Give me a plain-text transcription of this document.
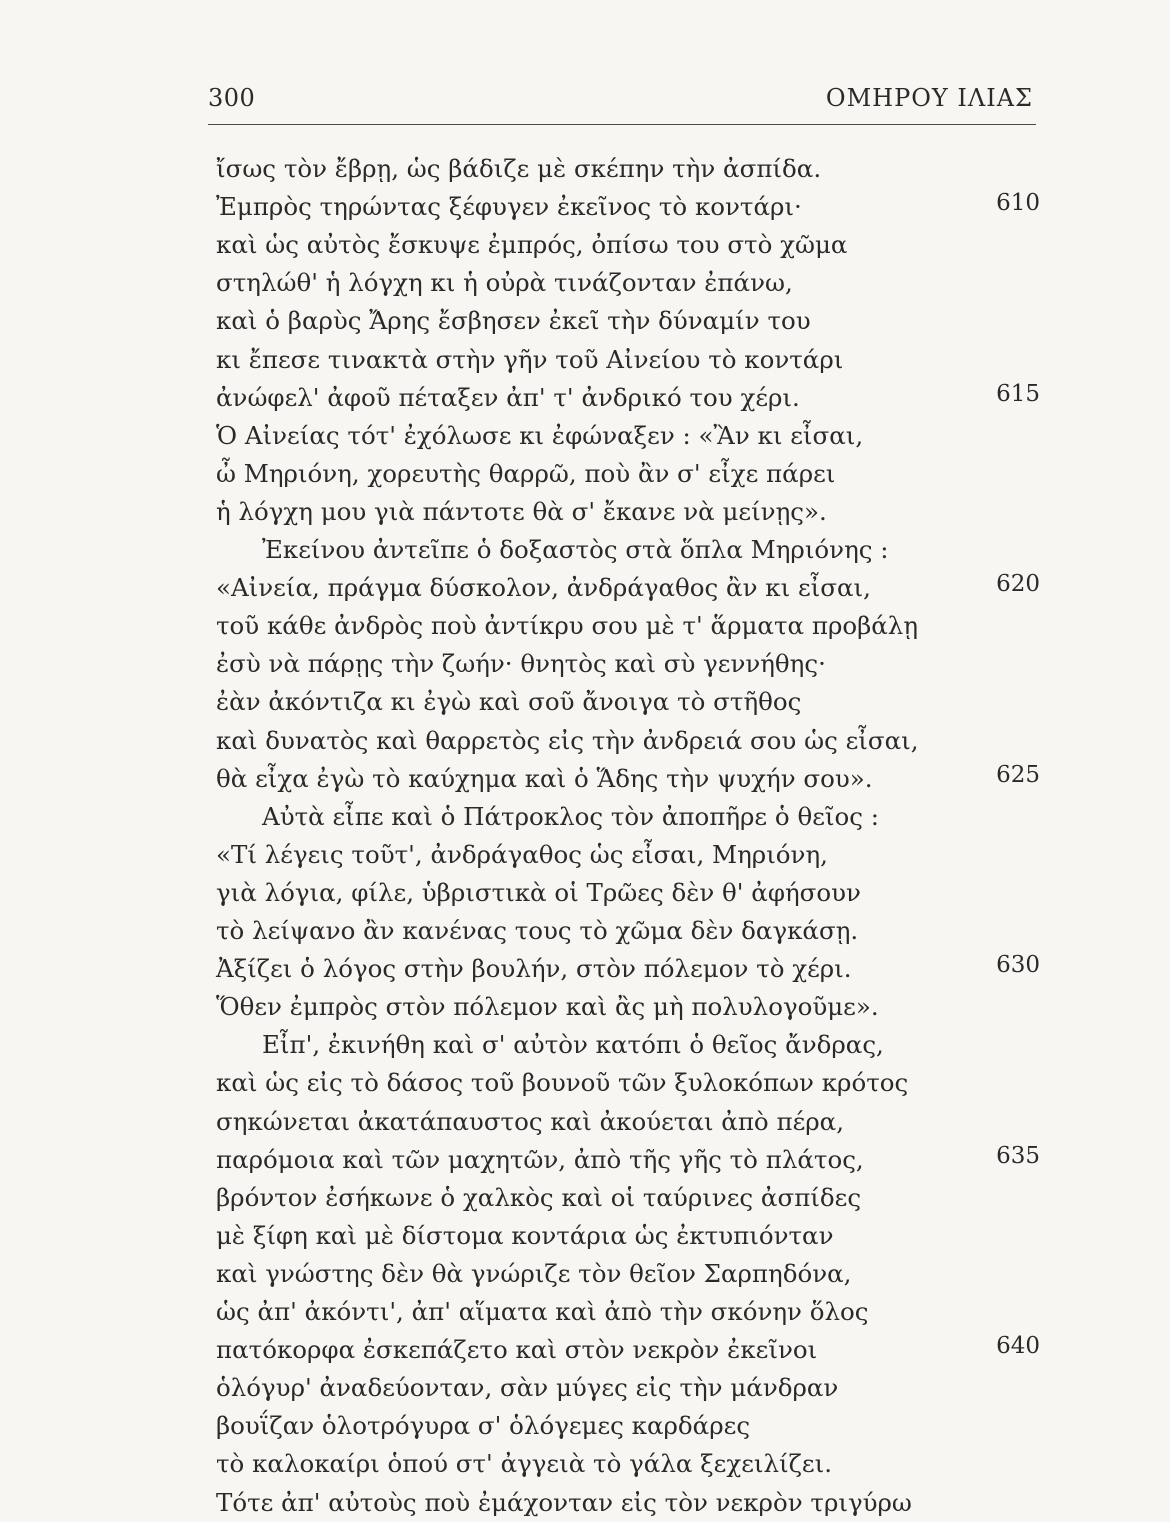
300	ΟΜΗΡΟΥ ΙΛΙΑΣ
ἴσως τὸν ἔβρῃ, ὡς βάδιζε μὲ σκέπην τὴν ἀσπίδα.
Ἐμπρὸς τηρώντας ξέφυγεν ἐκεῖνος τὸ κοντάρι·	610
καὶ ὡς αὐτὸς ἔσκυψε ἐμπρός, ὀπίσω του στὸ χῶμα
στηλώθ' ἡ λόγχη κι ἡ οὐρὰ τινάζονταν ἐπάνω,
καὶ ὁ βαρὺς Ἄρης ἔσβησεν ἐκεῖ τὴν δύναμίν του
κι ἔπεσε τινακτὰ στὴν γῆν τοῦ Αἰνείου τὸ κοντάρι
ἀνώφελ' ἀφοῦ πέταξεν ἀπ' τ' ἀνδρικό του χέρι.	615
Ὁ Αἰνείας τότ' ἐχόλωσε κι ἐφώναξεν : «Ἂν κι εἶσαι,
ὦ Μηριόνη, χορευτὴς θαρρῶ, ποὺ ἂν σ' εἶχε πάρει
ἡ λόγχη μου γιὰ πάντοτε θὰ σ' ἔκανε νὰ μείνῃς».
Ἐκείνου ἀντεῖπε ὁ δοξαστὸς στὰ ὅπλα Μηριόνης :
«Αἰνεία, πράγμα δύσκολον, ἀνδράγαθος ἂν κι εἶσαι,	620
τοῦ κάθε ἀνδρὸς ποὺ ἀντίκρυ σου μὲ τ' ἅρματα προβάλῃ
ἐσὺ νὰ πάρῃς τὴν ζωήν· θνητὸς καὶ σὺ γεννήθης·
ἐὰν ἀκόντιζα κι ἐγὼ καὶ σοῦ ἄνοιγα τὸ στῆθος
καὶ δυνατὸς καὶ θαρρετὸς εἰς τὴν ἀνδρειά σου ὡς εἶσαι,
θὰ εἶχα ἐγὼ τὸ καύχημα καὶ ὁ Ἅδης τὴν ψυχήν σου».	625
Αὐτὰ εἶπε καὶ ὁ Πάτροκλος τὸν ἀποπῆρε ὁ θεῖος :
«Τί λέγεις τοῦτ', ἀνδράγαθος ὡς εἶσαι, Μηριόνη,
γιὰ λόγια, φίλε, ὑβριστικὰ οἱ Τρῶες δὲν θ' ἀφήσουν
τὸ λείψανο ἂν κανένας τους τὸ χῶμα δὲν δαγκάσῃ.
Ἀξίζει ὁ λόγος στὴν βουλήν, στὸν πόλεμον τὸ χέρι.	630
Ὅθεν ἐμπρὸς στὸν πόλεμον καὶ ἂς μὴ πολυλογοῦμε».
Εἶπ', ἐκινήθη καὶ σ' αὐτὸν κατόπι ὁ θεῖος ἄνδρας,
καὶ ὡς εἰς τὸ δάσος τοῦ βουνοῦ τῶν ξυλοκόπων κρότος
σηκώνεται ἀκατάπαυστος καὶ ἀκούεται ἀπὸ πέρα,
παρόμοια καὶ τῶν μαχητῶν, ἀπὸ τῆς γῆς τὸ πλάτος,	635
βρόντον ἐσήκωνε ὁ χαλκὸς καὶ οἱ ταύρινες ἀσπίδες
μὲ ξίφη καὶ μὲ δίστομα κοντάρια ὡς ἐκτυπιόνταν
καὶ γνώστης δὲν θὰ γνώριζε τὸν θεῖον Σαρπηδόνα,
ὡς ἀπ' ἀκόντι', ἀπ' αἵματα καὶ ἀπὸ τὴν σκόνην ὅλος
πατόκορφα ἐσκεπάζετο καὶ στὸν νεκρὸν ἐκεῖνοι	640
ὁλόγυρ' ἀναδεύονταν, σὰν μύγες εἰς τὴν μάνδραν
βουΐζαν ὁλοτρόγυρα σ' ὁλόγεμες καρδάρες
τὸ καλοκαίρι ὁπού στ' ἀγγειὰ τὸ γάλα ξεχειλίζει.
Τότε ἀπ' αὐτοὺς ποὺ ἐμάχονταν εἰς τὸν νεκρὸν τριγύρω
